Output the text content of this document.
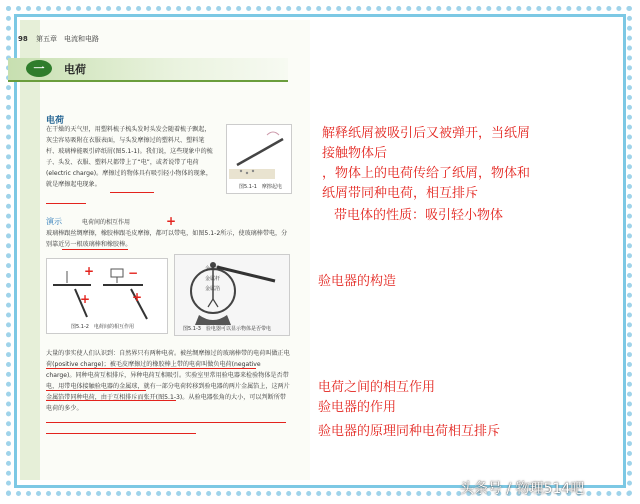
98 第五章　电流和电路
一	电荷
电荷
在干燥的天气里，用塑料梳子梳头发时头发会随着梳子飘起，灰尘容易吸附在衣服表面，与头发摩擦过的塑料尺、塑料笔杆、玻璃棒能吸引碎纸屑(图5.1-1)。我们说，这些现象中的梳子、头发、衣服、塑料尺都带上了“电”，或者说带了电荷(electric charge)。摩擦过的物体具有吸引轻小物体的现象，就是摩擦起电现象。	图5.1-1　摩擦起电
演示	电荷间的相互作用
玻璃棒跟丝绸摩擦，橡胶棒跟毛皮摩擦，都可以带电，如图5.1-2所示，使玻璃棒带电，分别靠近另一根玻璃棒和橡胶棒。
图5.1-2　电荷间的相互作用
金属球
金属杆
金属箔
图5.1-3　验电器可以显示物体是否带电
大量的事实使人们认识到：自然界只有两种电荷。被丝绸摩擦过的玻璃棒带的电荷叫做正电荷(positive charge)；被毛皮摩擦过的橡胶棒上带的电荷叫做负电荷(negative charge)。同种电荷互相排斥，异种电荷互相吸引。实验室里常用验电器来检验物体是否带电，用带电体接触验电器的金属球，就有一部分电荷转移到验电器的两片金属箔上，这两片金属箔带同种电荷，由于互相排斥而张开(图5.1-3)。从验电器张角的大小，可以判断所带电荷的多少。
+
+
+
−
+
解释纸屑被吸引后又被弹开，当纸屑
接触物体后
，物体上的电荷传给了纸屑，物体和
纸屑带同种电荷，相互排斥
带电体的性质：吸引轻小物体
验电器的构造
电荷之间的相互作用
验电器的作用
验电器的原理同种电荷相互排斥
头条号 / 物理514吧
